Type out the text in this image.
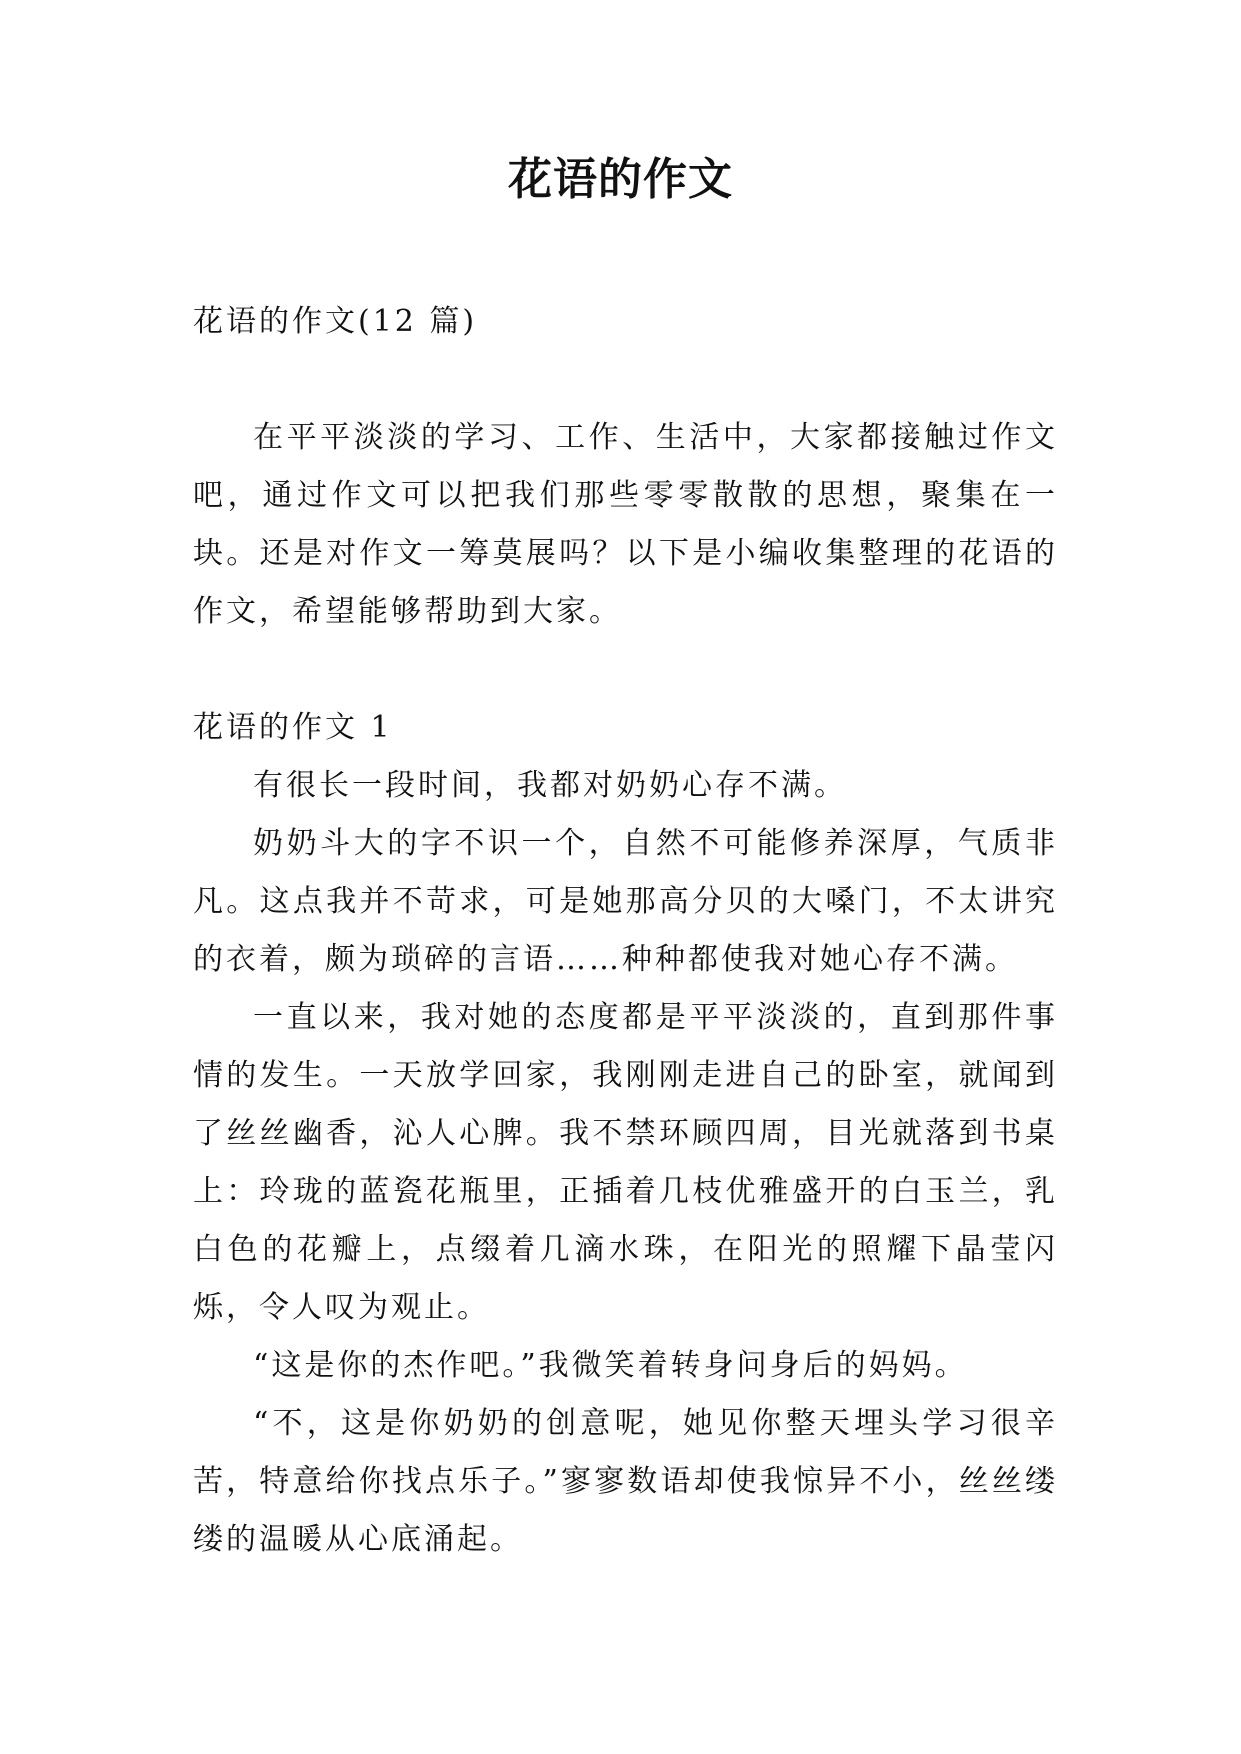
花语的作文

花语的作文(12 篇)

在平平淡淡的学习、工作、生活中，大家都接触过作文吧，通过作文可以把我们那些零零散散的思想，聚集在一块。还是对作文一筹莫展吗？以下是小编收集整理的花语的作文，希望能够帮助到大家。

花语的作文 1

有很长一段时间，我都对奶奶心存不满。

奶奶斗大的字不识一个，自然不可能修养深厚，气质非凡。这点我并不苛求，可是她那高分贝的大嗓门，不太讲究的衣着，颇为琐碎的言语……种种都使我对她心存不满。

一直以来，我对她的态度都是平平淡淡的，直到那件事情的发生。一天放学回家，我刚刚走进自己的卧室，就闻到了丝丝幽香，沁人心脾。我不禁环顾四周，目光就落到书桌上：玲珑的蓝瓷花瓶里，正插着几枝优雅盛开的白玉兰，乳白色的花瓣上，点缀着几滴水珠，在阳光的照耀下晶莹闪烁，令人叹为观止。

“这是你的杰作吧。”我微笑着转身问身后的妈妈。

“不，这是你奶奶的创意呢，她见你整天埋头学习很辛苦，特意给你找点乐子。”寥寥数语却使我惊异不小，丝丝缕缕的温暖从心底涌起。
